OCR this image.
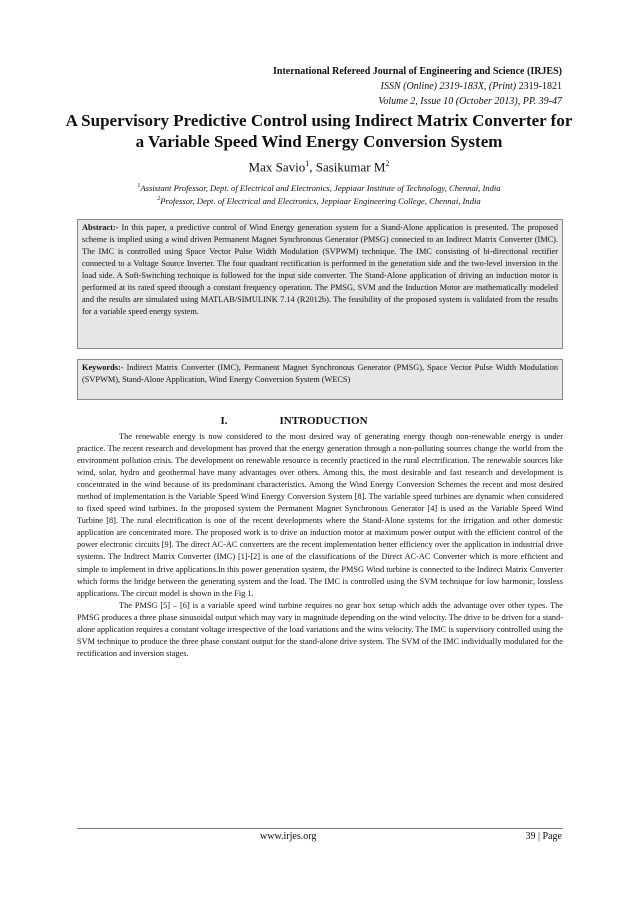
International Refereed Journal of Engineering and Science (IRJES)
ISSN (Online) 2319-183X, (Print) 2319-1821
Volume 2, Issue 10 (October 2013), PP. 39-47
A Supervisory Predictive Control using Indirect Matrix Converter for a Variable Speed Wind Energy Conversion System
Max Savio$^1$, Sasikumar $M^2$
$^1$Assistant Professor, Dept. of Electrical and Electronics, Jeppiaar Institute of Technology, Chennai, India
$^2$Professor, Dept. of Electrical and Electronics, Jeppiaar Engineering College, Chennai, India
Abstract:- In this paper, a predictive control of Wind Energy generation system for a Stand-Alone application is presented. The proposed scheme is implied using a wind driven Permanent Magnet Synchronous Generator (PMSG) connected to an Indirect Matrix Converter (IMC). The IMC is controlled using Space Vector Pulse Width Modulation (SVPWM) technique. The IMC consisting of bi-directional rectifier connected to a Voltage Source Inverter. The four quadrant rectification is performed in the generation side and the two-level inversion in the load side. A Soft-Switching technique is followed for the input side converter. The Stand-Alone application of driving an induction motor is performed at its rated speed through a constant frequency operation. The PMSG, SVM and the Induction Motor are mathematically modeled and the results are simulated using MATLAB/SIMULINK 7.14 (R2012b). The feasibility of the proposed system is validated from the results for a variable speed energy system.
Keywords:- Indirect Matrix Converter (IMC), Permanent Magnet Synchronous Generator (PMSG), Space Vector Pulse Width Modulation (SVPWM), Stand-Alone Application, Wind Energy Conversion System (WECS)
I.	INTRODUCTION

The renewable energy is now considered to the most desired way of generating energy though non-renewable energy is under practice. The recent research and development has proved that the energy generation through a non-polluting sources change the world from the environment pollution crisis. The development on renewable resource is recently practiced in the rural electrification. The renewable sources like wind, solar, hydro and geothermal have many advantages over others. Among this, the most desirable and fast research and development is concentrated in the wind because of its predominant characteristics. Among the Wind Energy Conversion Schemes the recent and most desired method of implementation is the Variable Speed Wind Energy Conversion System [8]. The variable speed turbines are dynamic when considered to fixed speed wind turbines. In the proposed system the Permanent Magnet Synchronous Generator [4] is used as the Variable Speed Wind Turbine [8]. The rural electrification is one of the recent developments where the Stand-Alone systems for the irrigation and other domestic application are concentrated more. The proposed work is to drive an induction motor at maximum power output with the efficient control of the power electronic circuits [9]. The direct AC-AC converters are the recent implementation better efficiency over the application in industrial drive systems. The Indirect Matrix Converter (IMC) [1]-[2] is one of the classifications of the Direct AC-AC Converter which is more efficient and simple to implement in drive applications.In this power generation system, the PMSG Wind turbine is connected to the Indirect Matrix Converter which forms the bridge between the generating system and the load. The IMC is controlled using the SVM technique for low harmonic, lossless applications. The circuit model is shown in the Fig 1.

The PMSG [5] – [6] is a variable speed wind turbine requires no gear box setup which adds the advantage over other types. The PMSG produces a three phase sinusoidal output which may vary in magnitude depending on the wind velocity. The drive to be driven for a stand-alone application requires a constant voltage irrespective of the load variations and the wins velocity. The IMC is supervisory controlled using the SVM technique to produce the three phase constant output for the stand-alone drive system. The SVM of the IMC individually modulated for the rectification and inversion stages.

www.irjes.org	39 | Page
